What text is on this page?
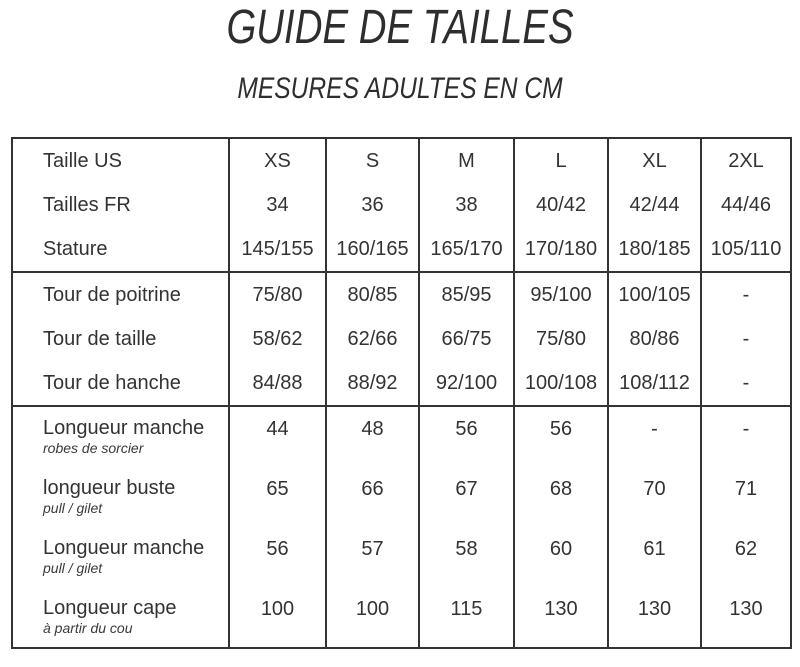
GUIDE DE TAILLES
MESURES ADULTES EN CM
Taille US	XS	S	M	L	XL	2XL
Tailles FR	34	36	38	40/42	42/44	44/46
Stature	145/155	160/165	165/170	170/180	180/185	105/110
Tour de poitrine	75/80	80/85	85/95	95/100	100/105	-
Tour de taille	58/62	62/66	66/75	75/80	80/86	-
Tour de hanche	84/88	88/92	92/100	100/108	108/112	-

Longueur manche
robes de sorcier	44	48	56	56	-	-

longueur buste
pull / gilet	65	66	67	68	70	71

Longueur manche
pull / gilet	56	57	58	60	61	62

Longueur cape
à partir du cou	100	100	115	130	130	130
